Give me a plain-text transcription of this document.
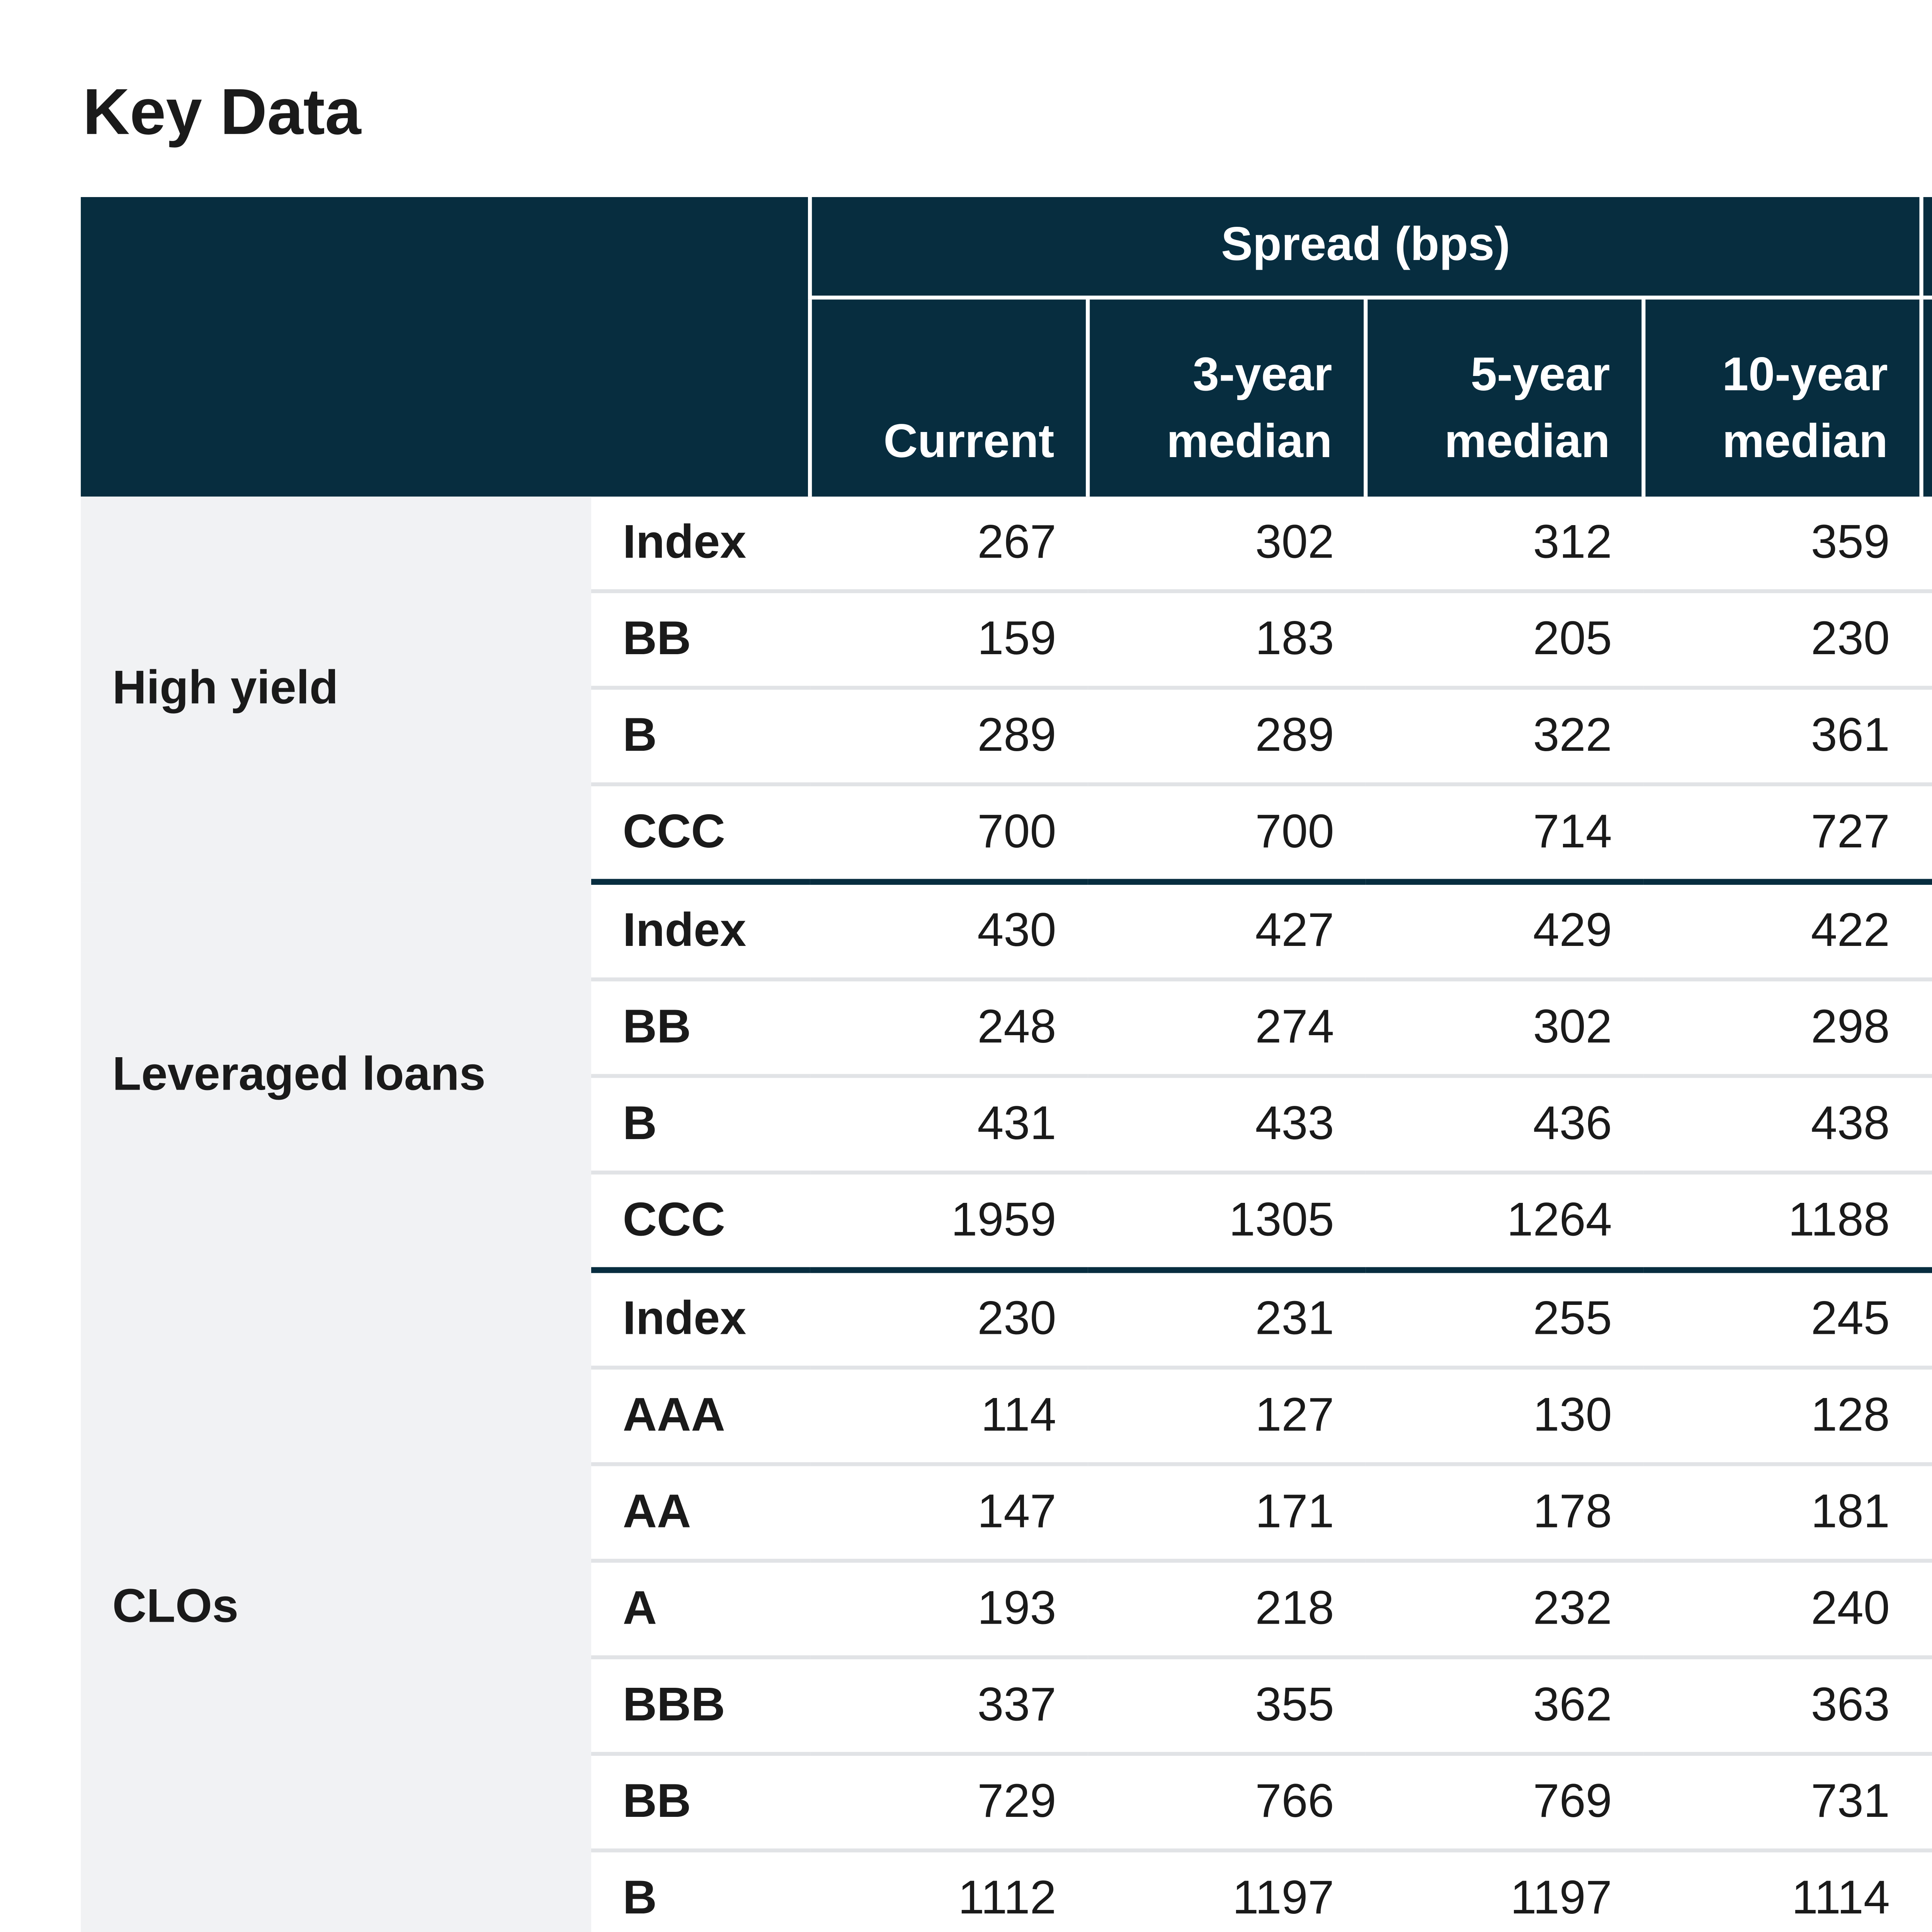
Key Data
		Spread (bps)	
		Current	3-year median	5-year median	10-year median				
High yield	Index	267	302	312	359				
	BB	159	183	205	230				
	B	289	289	322	361				
	CCC	700	700	714	727				
Leveraged loans	Index	430	427	429	422				
	BB	248	274	302	298				
	B	431	433	436	438				
	CCC	1959	1305	1264	1188				
CLOs	Index	230	231	255	245				
	AAA	114	127	130	128				
	AA	147	171	178	181				
	A	193	218	232	240				
	BBB	337	355	362	363				
	BB	729	766	769	731				
	B	1112	1197	1197	1114				
